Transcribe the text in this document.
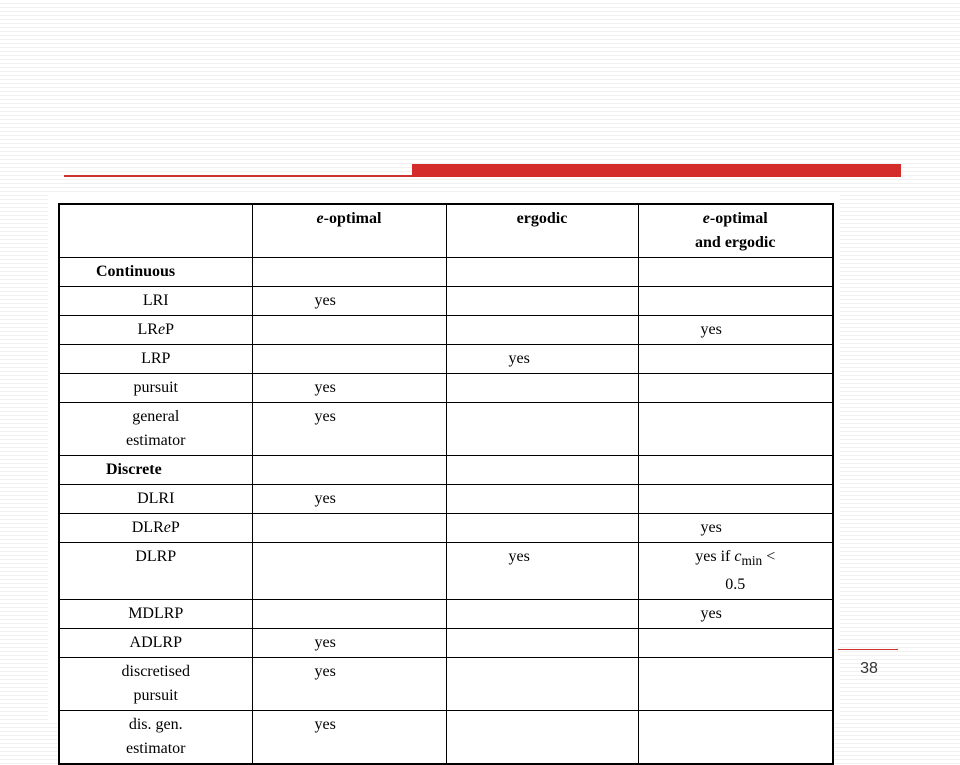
	e-optimal	ergodic	e-optimal
and ergodic
Continuous			
LRI	yes		
LReP			yes
LRP		yes	
pursuit	yes		
general
estimator	yes		
Discrete			
DLRI	yes		
DLReP			yes
DLRP		yes	yes if $c_{min}$ <
0.5
MDLRP			yes
ADLRP	yes		
discretised
pursuit	yes		
dis. gen.
estimator	yes		
38
